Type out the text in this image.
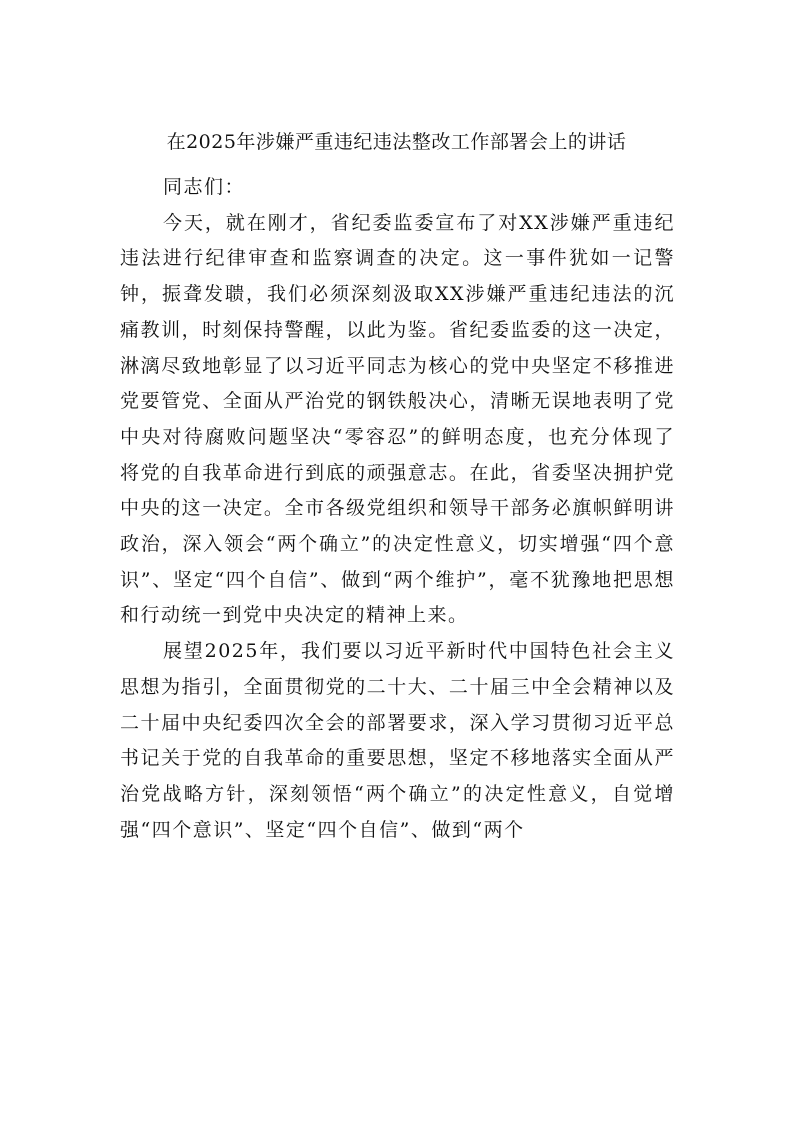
在2025年涉嫌严重违纪违法整改工作部署会上的讲话

同志们：

今天，就在刚才，省纪委监委宣布了对XX涉嫌严重违纪违法进行纪律审查和监察调查的决定。这一事件犹如一记警钟，振聋发聩，我们必须深刻汲取XX涉嫌严重违纪违法的沉痛教训，时刻保持警醒，以此为鉴。省纪委监委的这一决定，淋漓尽致地彰显了以习近平同志为核心的党中央坚定不移推进党要管党、全面从严治党的钢铁般决心，清晰无误地表明了党中央对待腐败问题坚决“零容忍”的鲜明态度，也充分体现了将党的自我革命进行到底的顽强意志。在此，省委坚决拥护党中央的这一决定。全市各级党组织和领导干部务必旗帜鲜明讲政治，深入领会“两个确立”的决定性意义，切实增强“四个意识”、坚定“四个自信”、做到“两个维护”，毫不犹豫地把思想和行动统一到党中央决定的精神上来。

展望2025年，我们要以习近平新时代中国特色社会主义思想为指引，全面贯彻党的二十大、二十届三中全会精神以及二十届中央纪委四次全会的部署要求，深入学习贯彻习近平总书记关于党的自我革命的重要思想，坚定不移地落实全面从严治党战略方针，深刻领悟“两个确立”的决定性意义，自觉增强“四个意识”、坚定“四个自信”、做到“两个
